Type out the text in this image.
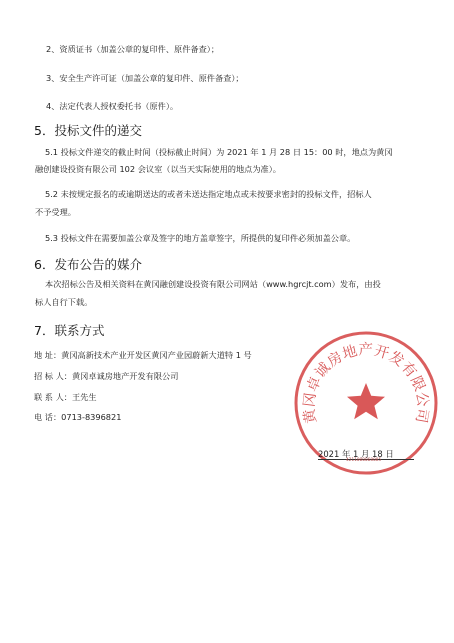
2、资质证书（加盖公章的复印件、原件备查）；
3、安全生产许可证（加盖公章的复印件、原件备查）；
4、法定代表人授权委托书（原件）。
5．投标文件的递交
5.1 投标文件递交的截止时间（投标截止时间）为 2021 年 1 月 28 日 15：00 时，地点为黄冈
融创建设投资有限公司 102 会议室（以当天实际使用的地点为准）。
5.2 未按规定报名的或逾期送达的或者未送达指定地点或未按要求密封的投标文件，招标人
不予受理。
5.3 投标文件在需要加盖公章及签字的地方盖章签字，所提供的复印件必须加盖公章。
6．发布公告的媒介
本次招标公告及相关资料在黄冈融创建设投资有限公司网站（www.hgrcjt.com）发布，由投
标人自行下载。
7．联系方式
地 址：黄冈高新技术产业开发区黄冈产业园蔚新大道特 1 号
招 标 人：黄冈卓诚房地产开发有限公司
联 系 人：王先生
电 话：0713-8396821	黄冈卓诚房地产开发有限公司
2021 年 1 月 18 日
4211000068085
